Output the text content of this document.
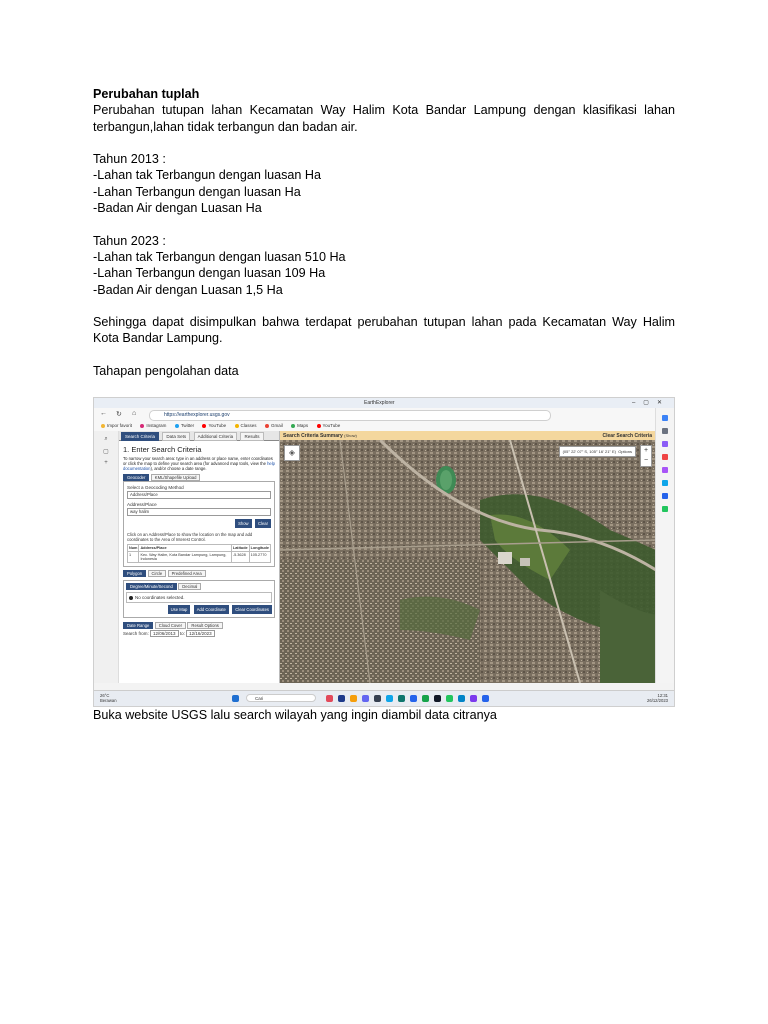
Perubahan tuplah

Perubahan tutupan lahan Kecamatan Way Halim Kota Bandar Lampung dengan klasifikasi lahan terbangun,lahan tidak terbangun dan badan air.

Tahun 2013 :

-Lahan tak Terbangun dengan luasan Ha

-Lahan Terbangun dengan luasan Ha

-Badan Air dengan Luasan Ha

Tahun 2023 :

-Lahan tak Terbangun dengan luasan 510 Ha

-Lahan Terbangun dengan luasan 109 Ha

-Badan Air dengan Luasan 1,5 Ha

Sehingga dapat disimpulkan bahwa terdapat perubahan tutupan lahan pada Kecamatan Way Halim Kota Bandar Lampung.

Tahapan pengolahan data

EarthExplorer	–▢✕
← ↻ ⌂	https://earthexplorer.usgs.gov
Impor favorit	Instagram	Twitter	YouTube	Classes	Gmail	Maps	YouTube
⌕
▢
+
Search Criteria	Data Sets	Additional Criteria	Results
1. Enter Search Criteria
To narrow your search area: type in an address or place name, enter coordinates or click the map to define your search area (for advanced map tools, view the help documentation), and/or choose a date range.
Geocoder KML/Shapefile Upload
Select a Geocoding Method
Address/Place
Address/Place
way halim
Show Clear
Click on an Address/Place to show the location on the map and add coordinates to the Area of Interest Control.
Num	Address/Place	Latitude	Longitude
1	Kec. Way Halim, Kota Bandar Lampung, Lampung, Indonesia	-5.3628	105.2770
Polygon Circle Predefined Area
Degree/Minute/Second Decimal
No coordinates selected.
Use Map Add Coordinate Clear Coordinates
Date Range Cloud Cover Result Options
Search from: 12/06/2013 to: 12/16/2023
Search Criteria Summary (Show)	Clear Search Criteria
◈	(05° 22' 07" S, 105° 16' 21" E) Options	+
−
26°C
Berawan	Cari
12:31
26/12/2023
Buka website USGS lalu search wilayah yang ingin diambil data citranya
